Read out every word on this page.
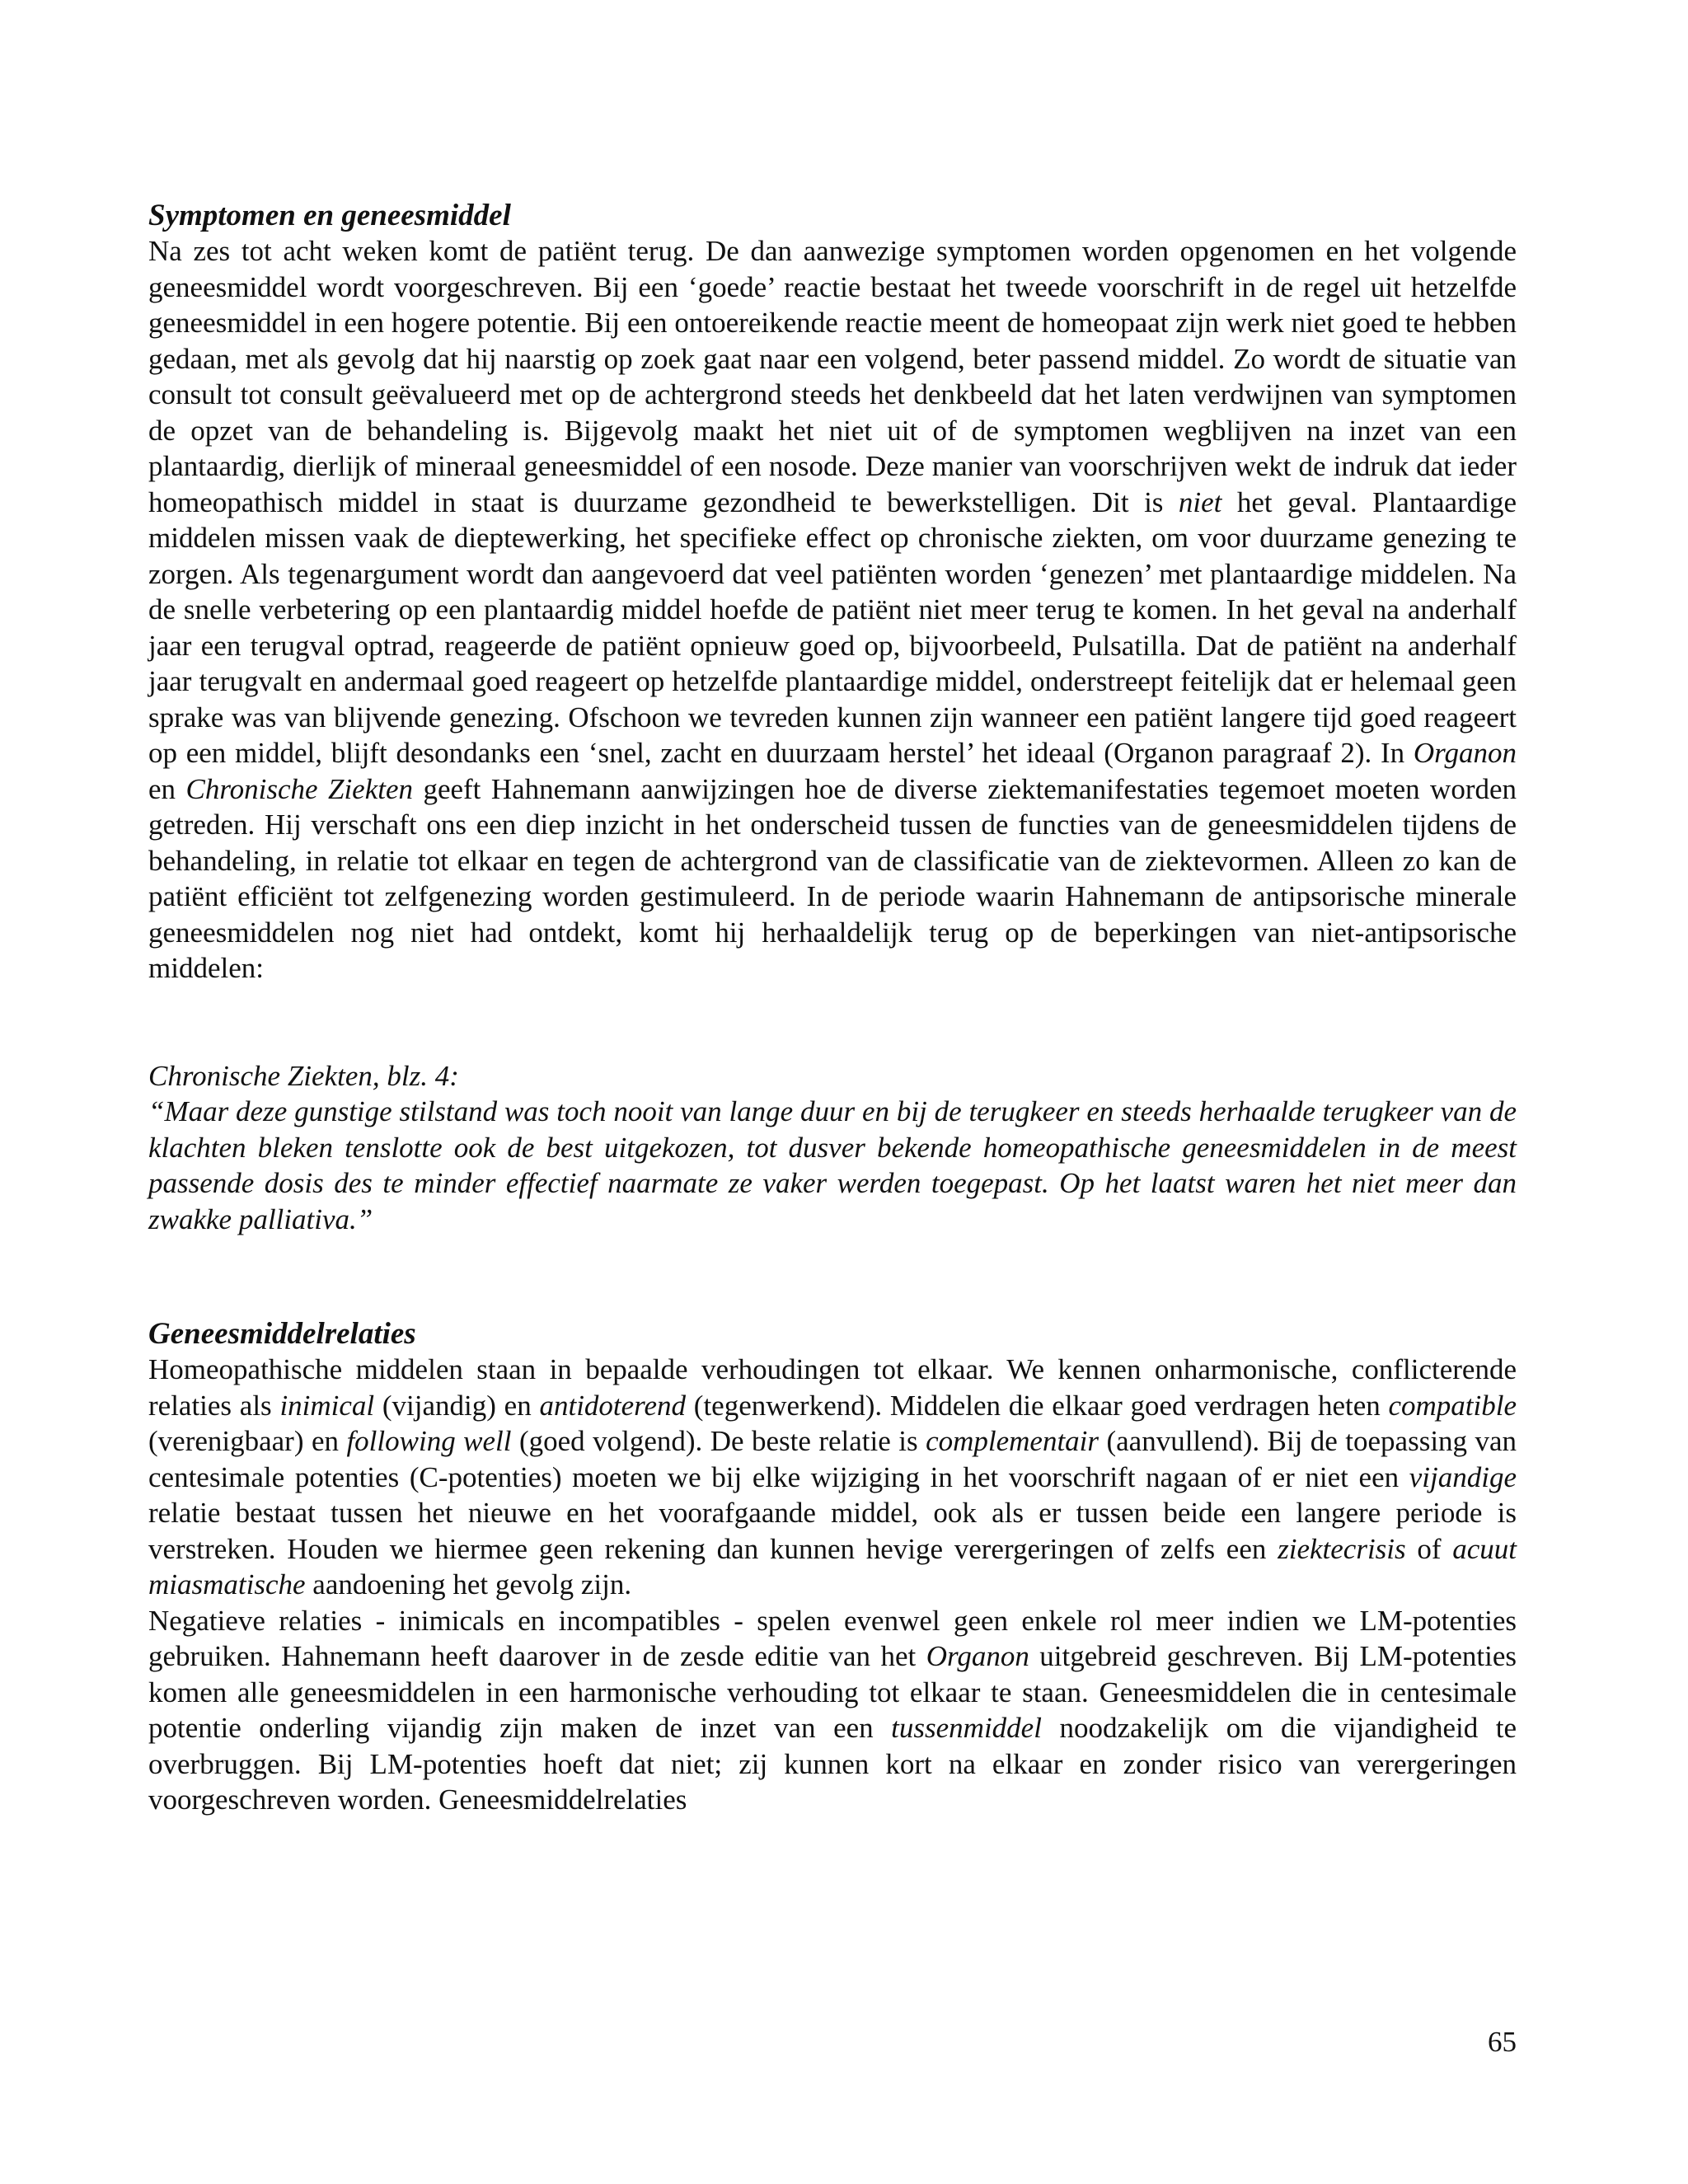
Symptomen en geneesmiddel

Na zes tot acht weken komt de patiënt terug. De dan aanwezige symptomen worden opgenomen en het volgende geneesmiddel wordt voorgeschreven. Bij een ‘goede’ reactie bestaat het tweede voorschrift in de regel uit hetzelfde geneesmiddel in een hogere potentie. Bij een ontoereikende reactie meent de homeopaat zijn werk niet goed te hebben gedaan, met als gevolg dat hij naarstig op zoek gaat naar een volgend, beter passend middel. Zo wordt de situatie van consult tot consult geëvalueerd met op de achtergrond steeds het denkbeeld dat het laten verdwijnen van symptomen de opzet van de behandeling is. Bijgevolg maakt het niet uit of de symptomen wegblijven na inzet van een plantaardig, dierlijk of mineraal geneesmiddel of een nosode. Deze manier van voorschrijven wekt de indruk dat ieder homeopathisch middel in staat is duurzame gezondheid te bewerkstelligen. Dit is niet het geval. Plantaardige middelen missen vaak de dieptewerking, het specifieke effect op chronische ziekten, om voor duurzame genezing te zorgen. Als tegenargument wordt dan aangevoerd dat veel patiënten worden ‘genezen’ met plantaardige middelen. Na de snelle verbetering op een plantaardig middel hoefde de patiënt niet meer terug te komen. In het geval na anderhalf jaar een terugval optrad, reageerde de patiënt opnieuw goed op, bijvoorbeeld, Pulsatilla. Dat de patiënt na anderhalf jaar terugvalt en andermaal goed reageert op hetzelfde plantaardige middel, onderstreept feitelijk dat er helemaal geen sprake was van blijvende genezing. Ofschoon we tevreden kunnen zijn wanneer een patiënt langere tijd goed reageert op een middel, blijft desondanks een ‘snel, zacht en duurzaam herstel’ het ideaal (Organon paragraaf 2). In Organon en Chronische Ziekten geeft Hahnemann aanwijzingen hoe de diverse ziektemanifestaties tegemoet moeten worden getreden. Hij verschaft ons een diep inzicht in het onderscheid tussen de functies van de geneesmiddelen tijdens de behandeling, in relatie tot elkaar en tegen de achtergrond van de classificatie van de ziektevormen. Alleen zo kan de patiënt efficiënt tot zelfgenezing worden gestimuleerd. In de periode waarin Hahnemann de antipsorische minerale geneesmiddelen nog niet had ontdekt, komt hij herhaaldelijk terug op de beperkingen van niet-antipsorische middelen:

Chronische Ziekten, blz. 4:

“Maar deze gunstige stilstand was toch nooit van lange duur en bij de terugkeer en steeds herhaalde terugkeer van de klachten bleken tenslotte ook de best uitgekozen, tot dusver bekende homeopathische geneesmiddelen in de meest passende dosis des te minder effectief naarmate ze vaker werden toegepast. Op het laatst waren het niet meer dan zwakke palliativa.”

Geneesmiddelrelaties

Homeopathische middelen staan in bepaalde verhoudingen tot elkaar. We kennen onharmonische, conflicterende relaties als inimical (vijandig) en antidoterend (tegenwerkend). Middelen die elkaar goed verdragen heten compatible (verenigbaar) en following well (goed volgend). De beste relatie is complementair (aanvullend). Bij de toepassing van centesimale potenties (C-potenties) moeten we bij elke wijziging in het voorschrift nagaan of er niet een vijandige relatie bestaat tussen het nieuwe en het voorafgaande middel, ook als er tussen beide een langere periode is verstreken. Houden we hiermee geen rekening dan kunnen hevige verergeringen of zelfs een ziektecrisis of acuut miasmatische aandoening het gevolg zijn.

Negatieve relaties - inimicals en incompatibles - spelen evenwel geen enkele rol meer indien we LM-potenties gebruiken. Hahnemann heeft daarover in de zesde editie van het Organon uitgebreid geschreven. Bij LM-potenties komen alle geneesmiddelen in een harmonische verhouding tot elkaar te staan. Geneesmiddelen die in centesimale potentie onderling vijandig zijn maken de inzet van een tussenmiddel noodzakelijk om die vijandigheid te overbruggen. Bij LM-potenties hoeft dat niet; zij kunnen kort na elkaar en zonder risico van verergeringen voorgeschreven worden. Geneesmiddelrelaties

65
